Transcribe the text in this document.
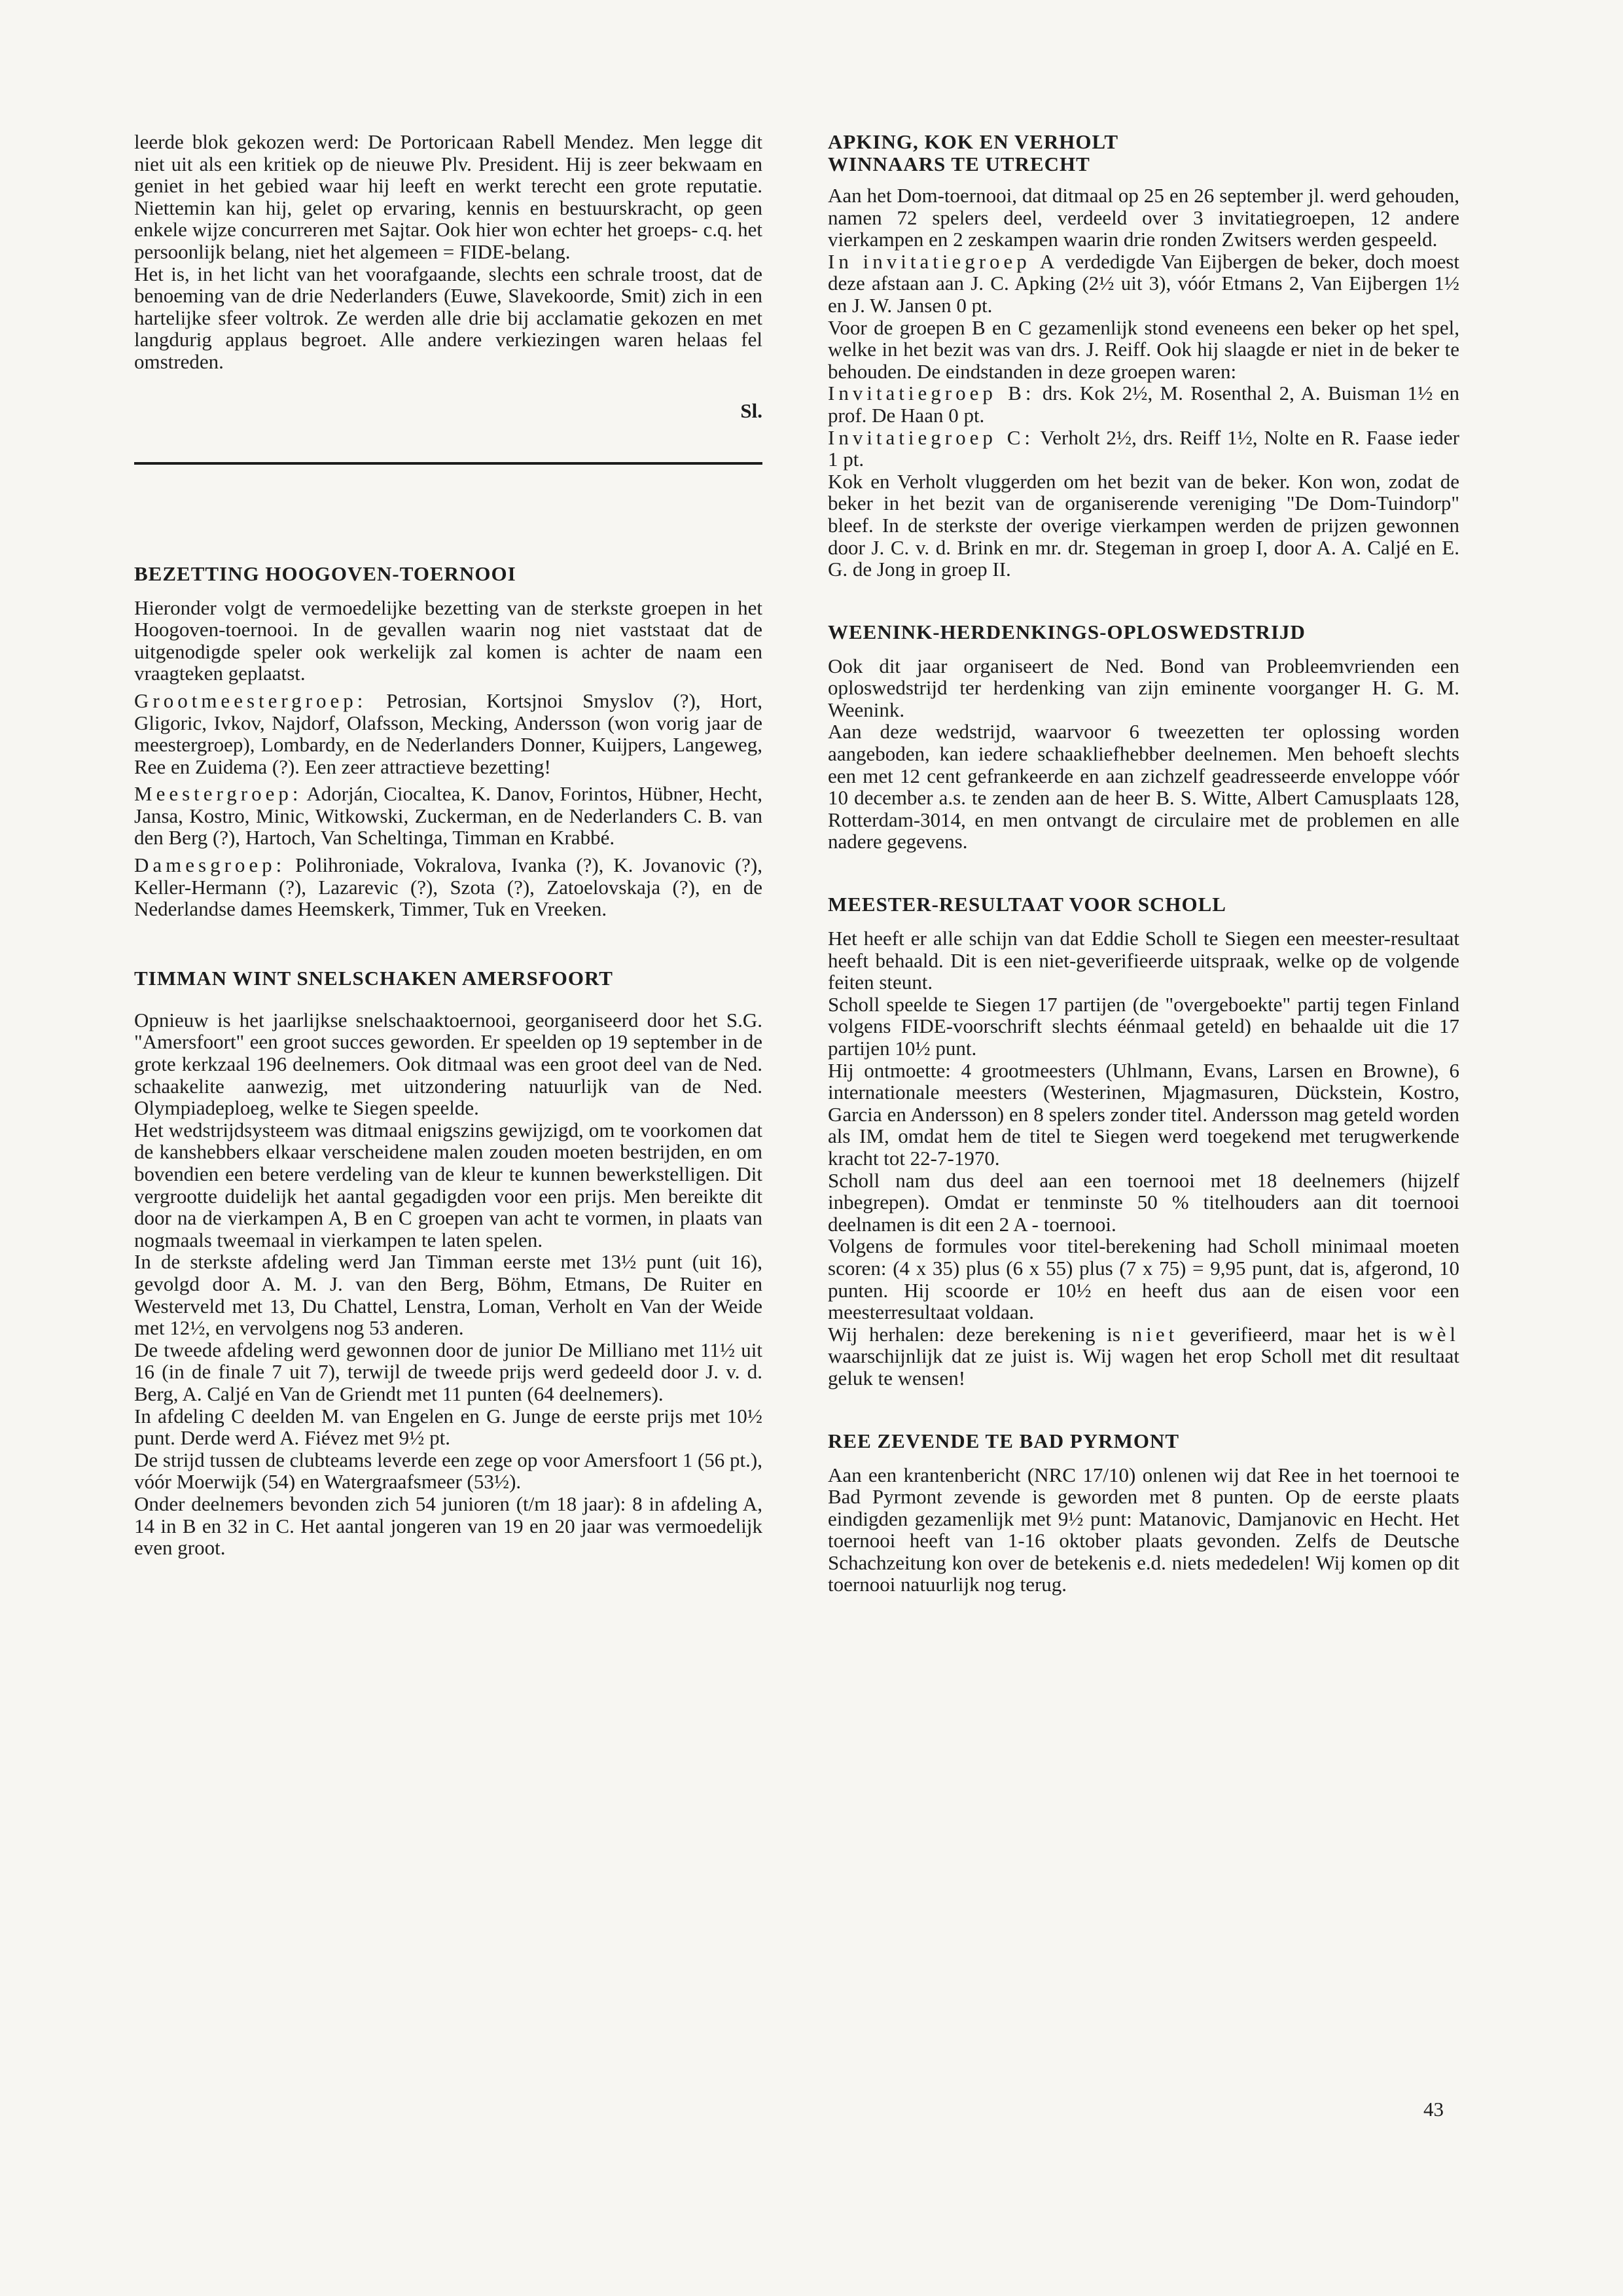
leerde blok gekozen werd: De Portoricaan Rabell Mendez. Men legge dit niet uit als een kritiek op de nieuwe Plv. President. Hij is zeer bekwaam en geniet in het gebied waar hij leeft en werkt terecht een grote reputatie. Niettemin kan hij, gelet op ervaring, kennis en bestuurskracht, op geen enkele wijze concurreren met Sajtar. Ook hier won echter het groeps- c.q. het persoonlijk belang, niet het algemeen = FIDE-belang.

Het is, in het licht van het voorafgaande, slechts een schrale troost, dat de benoeming van de drie Nederlanders (Euwe, Slavekoorde, Smit) zich in een hartelijke sfeer voltrok. Ze werden alle drie bij acclamatie gekozen en met langdurig applaus begroet. Alle andere verkiezingen waren helaas fel omstreden.

Sl.
BEZETTING HOOGOVEN-TOERNOOI

Hieronder volgt de vermoedelijke bezetting van de sterkste groepen in het Hoogoven-toernooi. In de gevallen waarin nog niet vaststaat dat de uitgenodigde speler ook werkelijk zal komen is achter de naam een vraagteken geplaatst.

Grootmeestergroep: Petrosian, Kortsjnoi Smyslov (?), Hort, Gligoric, Ivkov, Najdorf, Olafsson, Mecking, Andersson (won vorig jaar de meestergroep), Lombardy, en de Nederlanders Donner, Kuijpers, Langeweg, Ree en Zuidema (?). Een zeer attractieve bezetting!

Meestergroep: Adorján, Ciocaltea, K. Danov, Forintos, Hübner, Hecht, Jansa, Kostro, Minic, Witkowski, Zuckerman, en de Nederlanders C. B. van den Berg (?), Hartoch, Van Scheltinga, Timman en Krabbé.

Damesgroep: Polihroniade, Vokralova, Ivanka (?), K. Jovanovic (?), Keller-Hermann (?), Lazarevic (?), Szota (?), Zatoelovskaja (?), en de Nederlandse dames Heemskerk, Timmer, Tuk en Vreeken.

TIMMAN WINT SNELSCHAKEN AMERSFOORT

Opnieuw is het jaarlijkse snelschaaktoernooi, georganiseerd door het S.G. "Amersfoort" een groot succes geworden. Er speelden op 19 september in de grote kerkzaal 196 deelnemers. Ook ditmaal was een groot deel van de Ned. schaakelite aanwezig, met uitzondering natuurlijk van de Ned. Olympiadeploeg, welke te Siegen speelde.

Het wedstrijdsysteem was ditmaal enigszins gewijzigd, om te voorkomen dat de kanshebbers elkaar verscheidene malen zouden moeten bestrijden, en om bovendien een betere verdeling van de kleur te kunnen bewerkstelligen. Dit vergrootte duidelijk het aantal gegadigden voor een prijs. Men bereikte dit door na de vierkampen A, B en C groepen van acht te vormen, in plaats van nogmaals tweemaal in vierkampen te laten spelen.

In de sterkste afdeling werd Jan Timman eerste met 13½ punt (uit 16), gevolgd door A. M. J. van den Berg, Böhm, Etmans, De Ruiter en Westerveld met 13, Du Chattel, Lenstra, Loman, Verholt en Van der Weide met 12½, en vervolgens nog 53 anderen.

De tweede afdeling werd gewonnen door de junior De Milliano met 11½ uit 16 (in de finale 7 uit 7), terwijl de tweede prijs werd gedeeld door J. v. d. Berg, A. Caljé en Van de Griendt met 11 punten (64 deelnemers).

In afdeling C deelden M. van Engelen en G. Junge de eerste prijs met 10½ punt. Derde werd A. Fiévez met 9½ pt.

De strijd tussen de clubteams leverde een zege op voor Amersfoort 1 (56 pt.), vóór Moerwijk (54) en Watergraafsmeer (53½).

Onder deelnemers bevonden zich 54 junioren (t/m 18 jaar): 8 in afdeling A, 14 in B en 32 in C. Het aantal jongeren van 19 en 20 jaar was vermoedelijk even groot.

APKING, KOK EN VERHOLT
WINNAARS TE UTRECHT

Aan het Dom-toernooi, dat ditmaal op 25 en 26 september jl. werd gehouden, namen 72 spelers deel, verdeeld over 3 invitatiegroepen, 12 andere vierkampen en 2 zeskampen waarin drie ronden Zwitsers werden gespeeld.

In invitatiegroep A verdedigde Van Eijbergen de beker, doch moest deze afstaan aan J. C. Apking (2½ uit 3), vóór Etmans 2, Van Eijbergen 1½ en J. W. Jansen 0 pt.

Voor de groepen B en C gezamenlijk stond eveneens een beker op het spel, welke in het bezit was van drs. J. Reiff. Ook hij slaagde er niet in de beker te behouden. De eindstanden in deze groepen waren:

Invitatiegroep B: drs. Kok 2½, M. Rosenthal 2, A. Buisman 1½ en prof. De Haan 0 pt.

Invitatiegroep C: Verholt 2½, drs. Reiff 1½, Nolte en R. Faase ieder 1 pt.

Kok en Verholt vluggerden om het bezit van de beker. Kon won, zodat de beker in het bezit van de organiserende vereniging "De Dom-Tuindorp" bleef. In de sterkste der overige vierkampen werden de prijzen gewonnen door J. C. v. d. Brink en mr. dr. Stegeman in groep I, door A. A. Caljé en E. G. de Jong in groep II.

WEENINK-HERDENKINGS-OPLOSWEDSTRIJD

Ook dit jaar organiseert de Ned. Bond van Probleemvrienden een oploswedstrijd ter herdenking van zijn eminente voorganger H. G. M. Weenink.

Aan deze wedstrijd, waarvoor 6 tweezetten ter oplossing worden aangeboden, kan iedere schaakliefhebber deelnemen. Men behoeft slechts een met 12 cent gefrankeerde en aan zichzelf geadresseerde enveloppe vóór 10 december a.s. te zenden aan de heer B. S. Witte, Albert Camusplaats 128, Rotterdam-3014, en men ontvangt de circulaire met de problemen en alle nadere gegevens.

MEESTER-RESULTAAT VOOR SCHOLL

Het heeft er alle schijn van dat Eddie Scholl te Siegen een meester-resultaat heeft behaald. Dit is een niet-geverifieerde uitspraak, welke op de volgende feiten steunt.

Scholl speelde te Siegen 17 partijen (de "overgeboekte" partij tegen Finland volgens FIDE-voorschrift slechts éénmaal geteld) en behaalde uit die 17 partijen 10½ punt.

Hij ontmoette: 4 grootmeesters (Uhlmann, Evans, Larsen en Browne), 6 internationale meesters (Westerinen, Mjagmasuren, Dückstein, Kostro, Garcia en Andersson) en 8 spelers zonder titel. Andersson mag geteld worden als IM, omdat hem de titel te Siegen werd toegekend met terugwerkende kracht tot 22-7-1970.

Scholl nam dus deel aan een toernooi met 18 deelnemers (hijzelf inbegrepen). Omdat er tenminste 50 % titelhouders aan dit toernooi deelnamen is dit een 2 A - toernooi.

Volgens de formules voor titel-berekening had Scholl minimaal moeten scoren: (4 x 35) plus (6 x 55) plus (7 x 75) = 9,95 punt, dat is, afgerond, 10 punten. Hij scoorde er 10½ en heeft dus aan de eisen voor een meesterresultaat voldaan.

Wij herhalen: deze berekening is niet geverifieerd, maar het is wèl waarschijnlijk dat ze juist is. Wij wagen het erop Scholl met dit resultaat geluk te wensen!

REE ZEVENDE TE BAD PYRMONT

Aan een krantenbericht (NRC 17/10) onlenen wij dat Ree in het toernooi te Bad Pyrmont zevende is geworden met 8 punten. Op de eerste plaats eindigden gezamenlijk met 9½ punt: Matanovic, Damjanovic en Hecht. Het toernooi heeft van 1-16 oktober plaats gevonden. Zelfs de Deutsche Schachzeitung kon over de betekenis e.d. niets mededelen! Wij komen op dit toernooi natuurlijk nog terug.

43
